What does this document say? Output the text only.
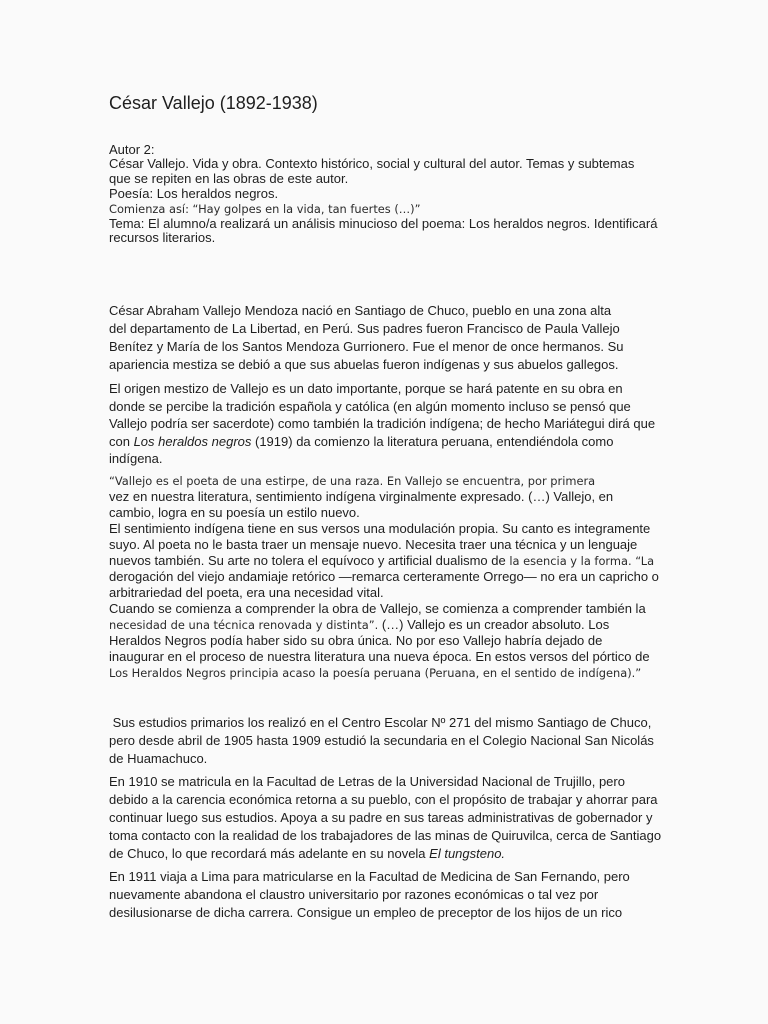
César Vallejo (1892-1938)
Autor 2:
César Vallejo. Vida y obra. Contexto histórico, social y cultural del autor. Temas y subtemas
que se repiten en las obras de este autor.
Poesía: Los heraldos negros.
Comienza así: “Hay golpes en la vida, tan fuertes (…)”
Tema: El alumno/a realizará un análisis minucioso del poema: Los heraldos negros. Identificará
recursos literarios.
César Abraham Vallejo Mendoza nació en Santiago de Chuco, pueblo en una zona alta
del departamento de La Libertad, en Perú. Sus padres fueron Francisco de Paula Vallejo
Benítez y María de los Santos Mendoza Gurrionero. Fue el menor de once hermanos. Su
apariencia mestiza se debió a que sus abuelas fueron indígenas y sus abuelos gallegos.
El origen mestizo de Vallejo es un dato importante, porque se hará patente en su obra en
donde se percibe la tradición española y católica (en algún momento incluso se pensó que
Vallejo podría ser sacerdote) como también la tradición indígena; de hecho Mariátegui dirá que
con Los heraldos negros (1919) da comienzo la literatura peruana, entendiéndola como
indígena.
“Vallejo es el poeta de una estirpe, de una raza. En Vallejo se encuentra, por primera
vez en nuestra literatura, sentimiento indígena virginalmente expresado. (…) Vallejo, en
cambio, logra en su poesía un estilo nuevo.
El sentimiento indígena tiene en sus versos una modulación propia. Su canto es integramente
suyo. Al poeta no le basta traer un mensaje nuevo. Necesita traer una técnica y un lenguaje
nuevos también. Su arte no tolera el equívoco y artificial dualismo de la esencia y la forma. “La
derogación del viejo andamiaje retórico —remarca certeramente Orrego— no era un capricho o
arbitrariedad del poeta, era una necesidad vital.
Cuando se comienza a comprender la obra de Vallejo, se comienza a comprender también la
necesidad de una técnica renovada y distinta”. (…) Vallejo es un creador absoluto. Los
Heraldos Negros podía haber sido su obra única. No por eso Vallejo habría dejado de
inaugurar en el proceso de nuestra literatura una nueva época. En estos versos del pórtico de
Los Heraldos Negros principia acaso la poesía peruana (Peruana, en el sentido de indígena).”
Sus estudios primarios los realizó en el Centro Escolar Nº 271 del mismo Santiago de Chuco,
pero desde abril de 1905 hasta 1909 estudió la secundaria en el Colegio Nacional San Nicolás
de Huamachuco.
En 1910 se matricula en la Facultad de Letras de la Universidad Nacional de Trujillo, pero
debido a la carencia económica retorna a su pueblo, con el propósito de trabajar y ahorrar para
continuar luego sus estudios. Apoya a su padre en sus tareas administrativas de gobernador y
toma contacto con la realidad de los trabajadores de las minas de Quiruvilca, cerca de Santiago
de Chuco, lo que recordará más adelante en su novela El tungsteno.
En 1911 viaja a Lima para matricularse en la Facultad de Medicina de San Fernando, pero
nuevamente abandona el claustro universitario por razones económicas o tal vez por
desilusionarse de dicha carrera. Consigue un empleo de preceptor de los hijos de un rico
